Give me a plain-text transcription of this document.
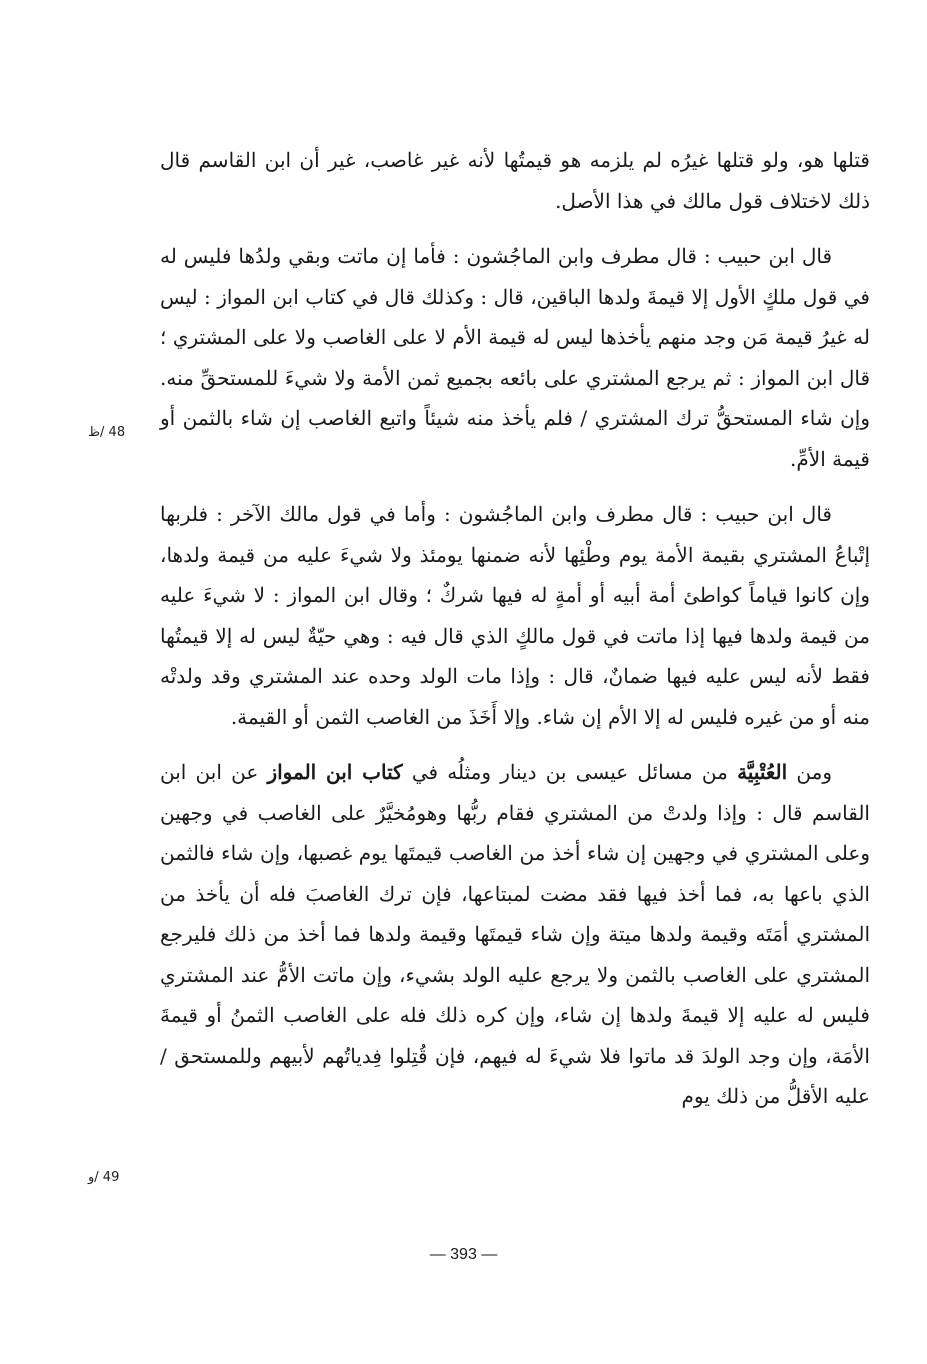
قتلها هو، ولو قتلها غيرُه لم يلزمه هو قيمتُها لأنه غير غاصب، غير أن ابن القاسم قال ذلك لاختلاف قول مالك في هذا الأصل.

قال ابن حبيب : قال مطرف وابن الماجُشون : فأما إن ماتت وبقي ولدُها فليس له في قول ملكٍ الأول إلا قيمةَ ولدها الباقين، قال : وكذلك قال في كتاب ابن المواز : ليس له غيرُ قيمة مَن وجد منهم يأخذها ليس له قيمة الأم لا على الغاصب ولا على المشتري ؛ قال ابن المواز : ثم يرجع المشتري على بائعه بجميع ثمن الأمة ولا شيءَ للمستحقِّ منه. وإن شاء المستحقُّ ترك المشتري / فلم يأخذ منه شيئاً واتبع الغاصب إن شاء بالثمن أو قيمة الأمِّ.

قال ابن حبيب : قال مطرف وابن الماجُشون : وأما في قول مالك الآخر : فلربها إتْباعُ المشتري بقيمة الأمة يوم وطْئِها لأنه ضمنها يومئذ ولا شيءَ عليه من قيمة ولدها، وإن كانوا قياماً كواطئ أمة أبيه أو أمةٍ له فيها شركٌ ؛ وقال ابن المواز : لا شيءَ عليه من قيمة ولدها فيها إذا ماتت في قول مالكٍ الذي قال فيه : وهي حيّةٌ ليس له إلا قيمتُها فقط لأنه ليس عليه فيها ضمانٌ، قال : وإذا مات الولد وحده عند المشتري وقد ولدتْه منه أو من غيره فليس له إلا الأم إن شاء. وإلا أَخَذَ من الغاصب الثمن أو القيمة.

ومن العُتْبِيَّة من مسائل عيسى بن دينار ومثلُه في كتاب ابن المواز عن ابن ابن القاسم قال : وإذا ولدتْ من المشتري فقام ربُّها وهومُخيَّرٌ على الغاصب في وجهين وعلى المشتري في وجهين إن شاء أخذ من الغاصب قيمتَها يوم غصبها، وإن شاء فالثمن الذي باعها به، فما أخذ فيها فقد مضت لمبتاعها، فإن ترك الغاصبَ فله أن يأخذ من المشتري أمَتَه وقيمة ولدها ميتة وإن شاء قيمتَها وقيمة ولدها فما أخذ من ذلك فليرجع المشتري على الغاصب بالثمن ولا يرجع عليه الولد بشيء، وإن ماتت الأمُّ عند المشتري فليس له عليه إلا قيمةَ ولدها إن شاء، وإن كره ذلك فله على الغاصب الثمنُ أو قيمةَ الأمَة، وإن وجد الولدَ قد ماتوا فلا شيءَ له فيهم، فإن قُتِلوا فِدياتُهم لأبيهم وللمستحق / عليه الأقلُّ من ذلك يوم

48 /ظ
49 /و
— 393 —
